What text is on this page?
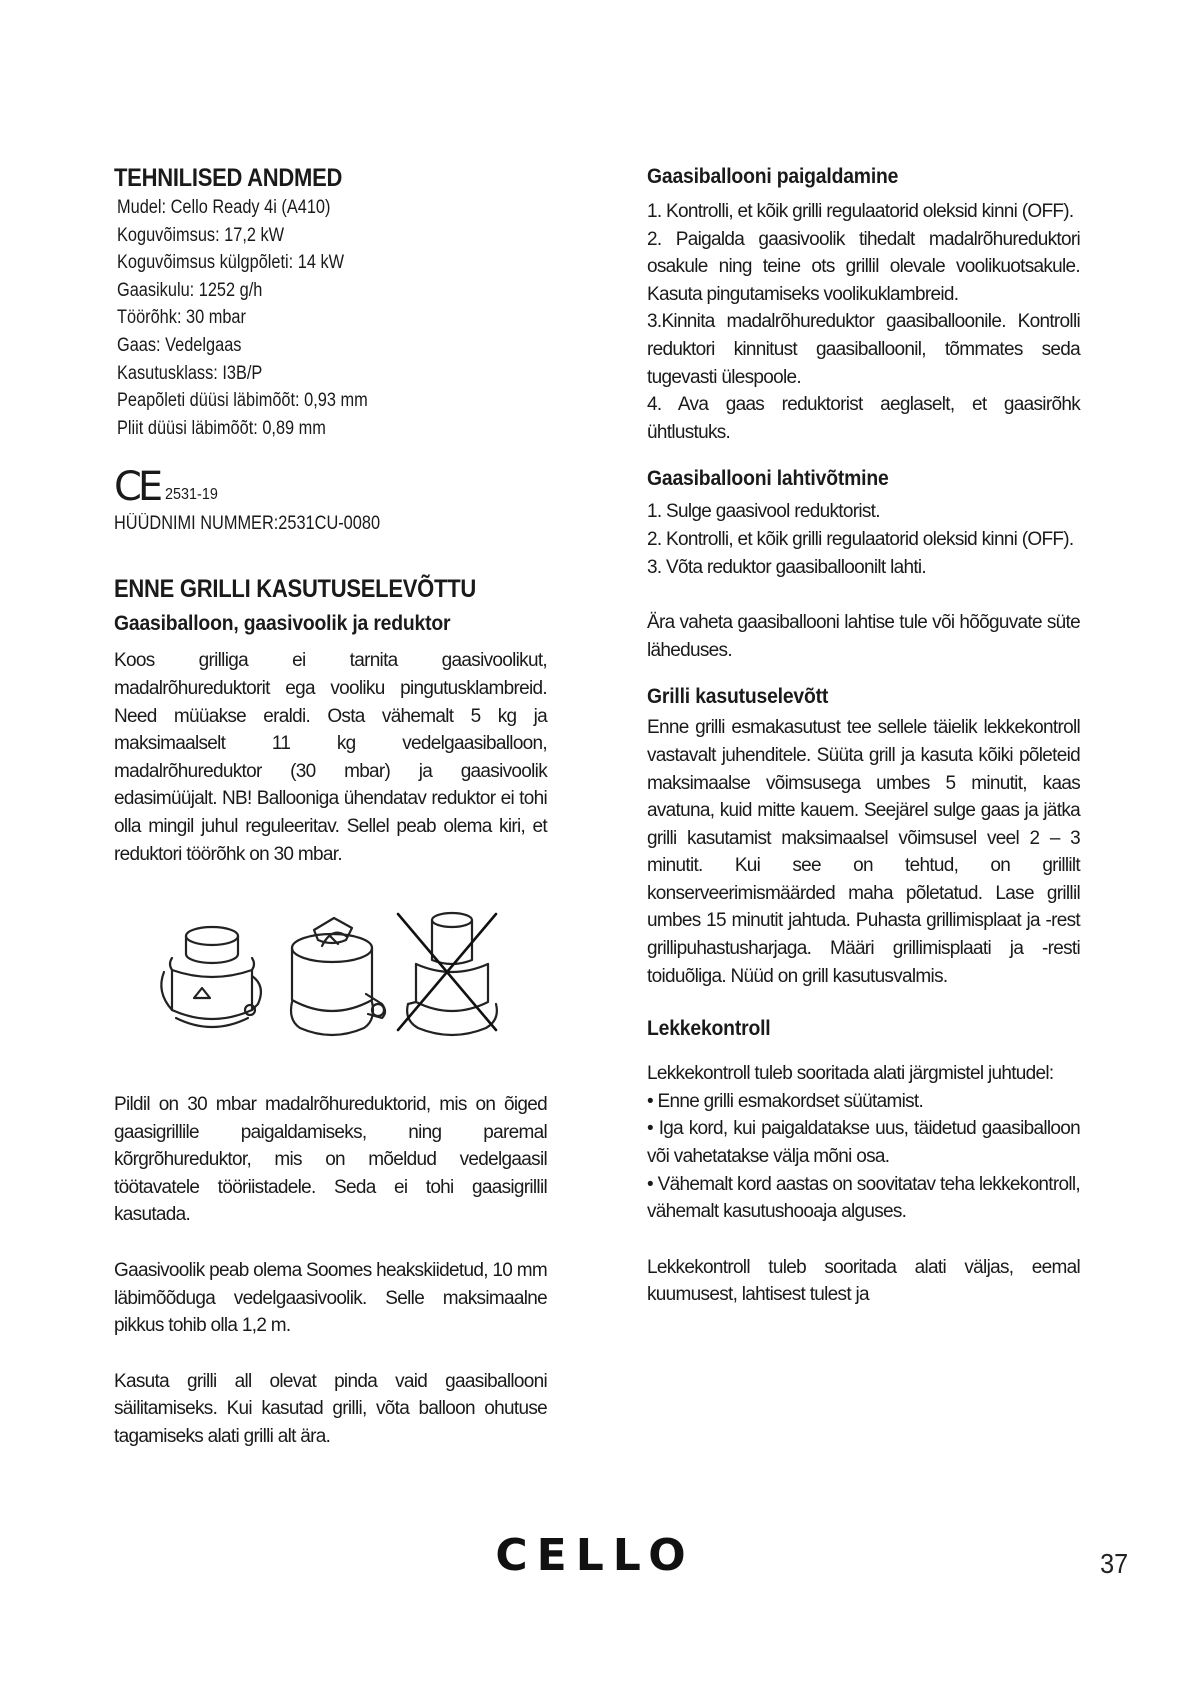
TEHNILISED ANDMED
Mudel: Cello Ready 4i (A410)
Koguvõimsus: 17,2 kW
Koguvõimsus külgpõleti: 14 kW
Gaasikulu: 1252 g/h
Töörõhk: 30 mbar
Gaas: Vedelgaas
Kasutusklass: I3B/P
Peapõleti düüsi läbimõõt: 0,93 mm
Pliit düüsi läbimõõt: 0,89 mm
CE 2531-19
HÜÜDNIMI NUMMER:2531CU-0080
ENNE GRILLI KASUTUSELEVÕTTU
Gaasiballoon, gaasivoolik ja reduktor

Koos grilliga ei tarnita gaasivoolikut, madalrõhureduktorit ega vooliku pingutusklambreid. Need müüakse eraldi. Osta vähemalt 5 kg ja maksimaalselt 11 kg vedelgaasiballoon, madalrõhureduktor (30 mbar) ja gaasivoolik edasimüüjalt. NB! Ballooniga ühendatav reduktor ei tohi olla mingil juhul reguleeritav. Sellel peab olema kiri, et reduktori töörõhk on 30 mbar.

Pildil on 30 mbar madalrõhureduktorid, mis on õiged gaasigrillile paigaldamiseks, ning paremal kõrgrõhureduktor, mis on mõeldud vedelgaasil töötavatele tööriistadele. Seda ei tohi gaasigrillil kasutada.

Gaasivoolik peab olema Soomes heakskiidetud, 10 mm läbimõõduga vedelgaasivoolik. Selle maksimaalne pikkus tohib olla 1,2 m.

Kasuta grilli all olevat pinda vaid gaasiballooni säilitamiseks. Kui kasutad grilli, võta balloon ohutuse tagamiseks alati grilli alt ära.

Gaasiballooni paigaldamine

1. Kontrolli, et kõik grilli regulaatorid oleksid kinni (OFF).

2. Paigalda gaasivoolik tihedalt madalrõhureduktori osakule ning teine ots grillil olevale voolikuotsakule. Kasuta pingutamiseks voolikuklambreid.

3.Kinnita madalrõhureduktor gaasiballoonile. Kontrolli reduktori kinnitust gaasiballoonil, tõmmates seda tugevasti ülespoole.

4. Ava gaas reduktorist aeglaselt, et gaasirõhk ühtlustuks.

Gaasiballooni lahtivõtmine

1. Sulge gaasivool reduktorist.

2. Kontrolli, et kõik grilli regulaatorid oleksid kinni (OFF).

3. Võta reduktor gaasiballoonilt lahti.

Ära vaheta gaasiballooni lahtise tule või hõõguvate süte läheduses.

Grilli kasutuselevõtt

Enne grilli esmakasutust tee sellele täielik lekkekontroll vastavalt juhenditele. Süüta grill ja kasuta kõiki põleteid maksimaalse võimsusega umbes 5 minutit, kaas avatuna, kuid mitte kauem. Seejärel sulge gaas ja jätka grilli kasutamist maksimaalsel võimsusel veel 2 – 3 minutit. Kui see on tehtud, on grillilt konserveerimismäärded maha põletatud. Lase grillil umbes 15 minutit jahtuda. Puhasta grillimisplaat ja -rest grillipuhastusharjaga. Määri grillimisplaati ja -resti toiduõliga. Nüüd on grill kasutusvalmis.

Lekkekontroll

Lekkekontroll tuleb sooritada alati järgmistel juhtudel:

• Enne grilli esmakordset süütamist.
• Iga kord, kui paigaldatakse uus, täidetud gaasiballoon või vahetatakse välja mõni osa.
• Vähemalt kord aastas on soovitatav teha lekkekontroll, vähemalt kasutushooaja alguses.

Lekkekontroll tuleb sooritada alati väljas, eemal kuumusest, lahtisest tulest ja

CELLO	37
